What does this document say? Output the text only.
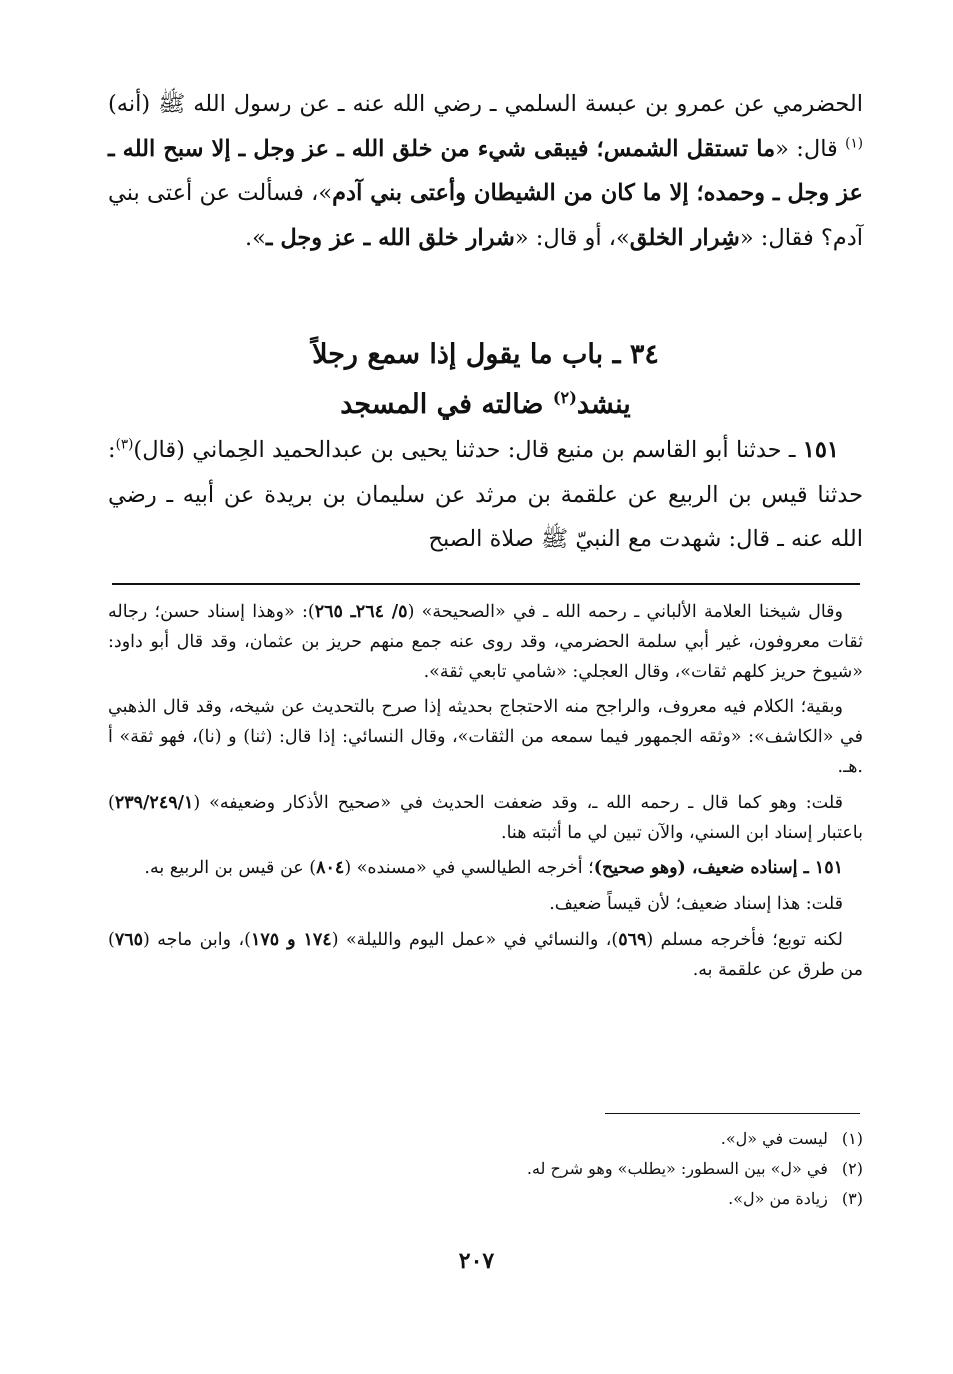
الحضرمي عن عمرو بن عبسة السلمي ـ رضي الله عنه ـ عن رسول الله ﷺ (أنه)$^{(١)}$ قال: «ما تستقل الشمس؛ فيبقى شيء من خلق الله ـ عز وجل ـ إلا سبح الله ـ عز وجل ـ وحمده؛ إلا ما كان من الشيطان وأعتى بني آدم»، فسألت عن أعتى بني آدم؟ فقال: «شِرار الخلق»، أو قال: «شرار خلق الله ـ عز وجل ـ».

٣٤ ـ باب ما يقول إذا سمع رجلاً
ينشد$^{(٢)}$ ضالته في المسجد

١٥١ ـ حدثنا أبو القاسم بن منيع قال: حدثنا يحيى بن عبدالحميد الحِماني (قال)$^{(٣)}$: حدثنا قيس بن الربيع عن علقمة بن مرثد عن سليمان بن بريدة عن أبيه ـ رضي الله عنه ـ قال: شهدت مع النبيّ ﷺ صلاة الصبح

وقال شيخنا العلامة الألباني ـ رحمه الله ـ في «الصحيحة» (٥/ ٢٦٤ـ ٢٦٥): «وهذا إسناد حسن؛ رجاله ثقات معروفون، غير أبي سلمة الحضرمي، وقد روى عنه جمع منهم حريز بن عثمان، وقد قال أبو داود: «شيوخ حريز كلهم ثقات»، وقال العجلي: «شامي تابعي ثقة».

وبقية؛ الكلام فيه معروف، والراجح منه الاحتجاج بحديثه إذا صرح بالتحديث عن شيخه، وقد قال الذهبي في «الكاشف»: «وثقه الجمهور فيما سمعه من الثقات»، وقال النسائي: إذا قال: (ثنا) و (نا)، فهو ثقة» أ .هـ.

قلت: وهو كما قال ـ رحمه الله ـ، وقد ضعفت الحديث في «صحيح الأذكار وضعيفه» (٢٣٩/٢٤٩/١) باعتبار إسناد ابن السني، والآن تبين لي ما أثبته هنا.

١٥١ ـ إسناده ضعيف، (وهو صحيح)؛ أخرجه الطيالسي في «مسنده» (٨٠٤) عن قيس بن الربيع به.

قلت: هذا إسناد ضعيف؛ لأن قيساً ضعيف.

لكنه توبع؛ فأخرجه مسلم (٥٦٩)، والنسائي في «عمل اليوم والليلة» (١٧٤ و ١٧٥)، وابن ماجه (٧٦٥) من طرق عن علقمة به.

(١)ليست في «ل».
(٢)في «ل» بين السطور: «يطلب» وهو شرح له.
(٣)زيادة من «ل».
٢٠٧
